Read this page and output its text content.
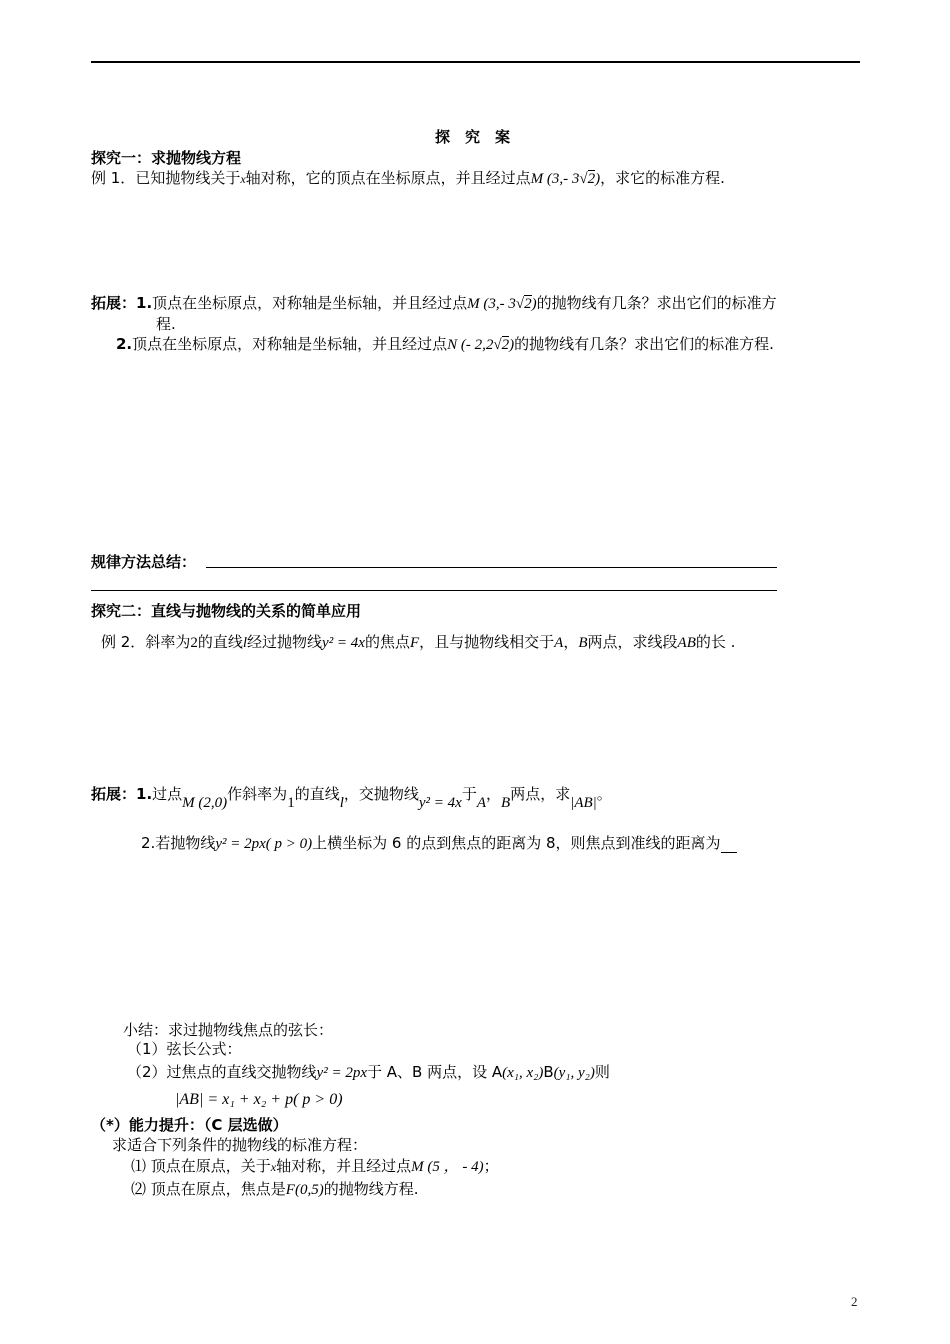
探　究　案
探究一：求抛物线方程
例 1．已知抛物线关于x轴对称，它的顶点在坐标原点，并且经过点M (3,- 3√2)，求它的标准方程.
拓展：1.顶点在坐标原点，对称轴是坐标轴，并且经过点M (3,- 3√2)的抛物线有几条？求出它们的标准方
程.
2.顶点在坐标原点，对称轴是坐标轴，并且经过点N (- 2,2√2)的抛物线有几条？求出它们的标准方程.
规律方法总结：
探究二：直线与抛物线的关系的简单应用
例 2．斜率为2的直线l经过抛物线y² = 4x的焦点F，且与抛物线相交于A，B两点，求线段AB的长 .
拓展：1.过点M (2,0)作斜率为1的直线l，交抛物线y² = 4x于A，B两点，求|AB|。
2.若抛物线y² = 2px( p > 0)上横坐标为 6 的点到焦点的距离为 8，则焦点到准线的距离为
小结：求过抛物线焦点的弦长：
（1）弦长公式：
（2）过焦点的直线交抛物线y² = 2px于 A、B 两点，设 A(x₁, x₂)B(y₁, y₂)则
|AB| = x₁ + x₂ + p( p > 0)
（*）能力提升：（C 层选做）
求适合下列条件的抛物线的标准方程：
⑴ 顶点在原点，关于x轴对称，并且经过点M (5 ， - 4)；
⑵ 顶点在原点，焦点是F(0,5)的抛物线方程.
2
